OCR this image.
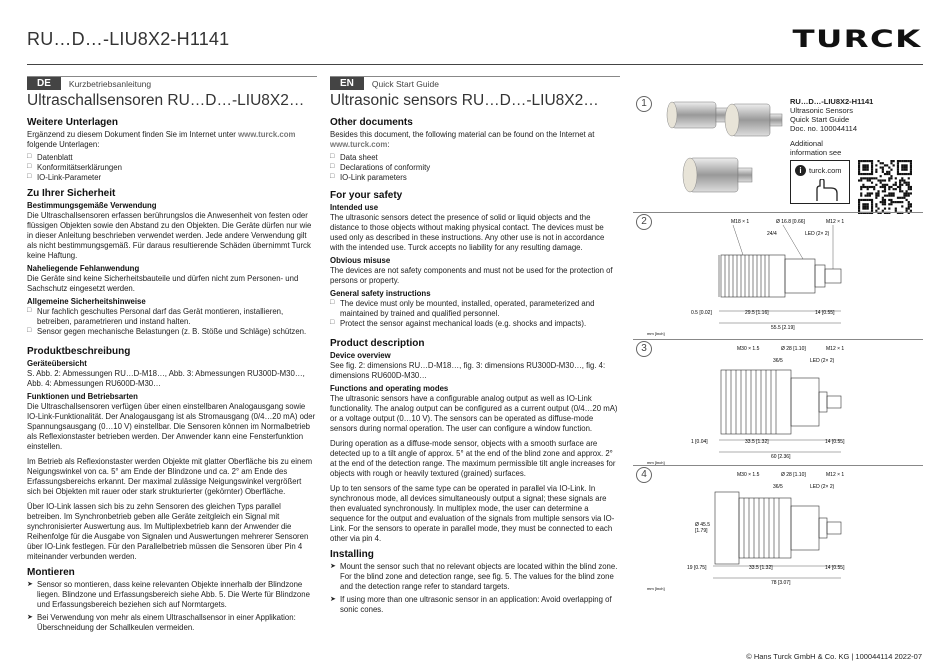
RU…D…-LIU8X2-H1141	TURCK
DE	Kurzbetriebsanleitung
Ultraschallsensoren RU…D…-LIU8X2…
Weitere Unterlagen

Ergänzend zu diesem Dokument finden Sie im Internet unter www.turck.com folgende Unterlagen:

□ Datenblatt
□ Konformitätserklärungen
□ IO-Link-Parameter
Zu Ihrer Sicherheit
Bestimmungsgemäße Verwendung

Die Ultraschallsensoren erfassen berührungslos die Anwesenheit von festen oder flüssigen Objekten sowie den Abstand zu den Objekten. Die Geräte dürfen nur wie in dieser Anleitung beschrieben verwendet werden. Jede andere Verwendung gilt als nicht bestimmungsgemäß. Für daraus resultierende Schäden übernimmt Turck keine Haftung.

Naheliegende Fehlanwendung

Die Geräte sind keine Sicherheitsbauteile und dürfen nicht zum Personen- und Sachschutz eingesetzt werden.

Allgemeine Sicherheitshinweise
□ Nur fachlich geschultes Personal darf das Gerät montieren, installieren, betreiben, parametrieren und instand halten.
□ Sensor gegen mechanische Belastungen (z. B. Stöße und Schläge) schützen.
Produktbeschreibung
Geräteübersicht

S. Abb. 2: Abmessungen RU…D-M18…, Abb. 3: Abmessungen RU300D-M30…, Abb. 4: Abmessungen RU600D-M30…

Funktionen und Betriebsarten

Die Ultraschallsensoren verfügen über einen einstellbaren Analogausgang sowie IO-Link-Funktionalität. Der Analogausgang ist als Stromausgang (0/4…20 mA) oder Spannungsausgang (0…10 V) einstellbar. Die Sensoren können im Normalbetrieb als Reflexionstaster betrieben werden. Der Anwender kann eine Fensterfunktion einstellen.

Im Betrieb als Reflexionstaster werden Objekte mit glatter Oberfläche bis zu einem Neigungswinkel von ca. 5° am Ende der Blindzone und ca. 2° am Ende des Erfassungsbereichs erkannt. Der maximal zulässige Neigungswinkel vergrößert sich bei Objekten mit rauer oder stark strukturierter (gekörnter) Oberfläche.

Über IO-Link lassen sich bis zu zehn Sensoren des gleichen Typs parallel betreiben. Im Synchronbetrieb geben alle Geräte zeitgleich ein Signal mit synchronisierter Auswertung aus. Im Multiplexbetrieb kann der Anwender die Reihenfolge für die Ausgabe von Signalen und Auswertungen mehrerer Sensoren über IO-Link festlegen. Für den Parallelbetrieb müssen die Sensoren über Pin 4 miteinander verbunden werden.

Montieren
➤ Sensor so montieren, dass keine relevanten Objekte innerhalb der Blindzone liegen. Blindzone und Erfassungsbereich siehe Abb. 5. Die Werte für Blindzone und Erfassungsbereich beziehen sich auf Normtargets.
➤ Bei Verwendung von mehr als einem Ultraschallsensor in einer Applikation: Überschneidung der Schallkeulen vermeiden.
EN	Quick Start Guide
Ultrasonic sensors RU…D…-LIU8X2…
Other documents

Besides this document, the following material can be found on the Internet at www.turck.com:

□ Data sheet
□ Declarations of conformity
□ IO-Link parameters
For your safety
Intended use

The ultrasonic sensors detect the presence of solid or liquid objects and the distance to those objects without making physical contact. The devices must be used only as described in these instructions. Any other use is not in accordance with the intended use. Turck accepts no liability for any resulting damage.

Obvious misuse

The devices are not safety components and must not be used for the protection of persons or property.

General safety instructions
□ The device must only be mounted, installed, operated, parameterized and maintained by trained and qualified personnel.
□ Protect the sensor against mechanical loads (e.g. shocks and impacts).
Product description
Device overview

See fig. 2: dimensions RU…D-M18…, fig. 3: dimensions RU300D-M30…, fig. 4: dimensions RU600D-M30…

Functions and operating modes

The ultrasonic sensors have a configurable analog output as well as IO-Link functionality. The analog output can be configured as a current output (0/4…20 mA) or a voltage output (0…10 V). The sensors can be operated as diffuse-mode sensors during normal operation. The user can configure a window function.

During operation as a diffuse-mode sensor, objects with a smooth surface are detected up to a tilt angle of approx. 5° at the end of the blind zone and approx. 2° at the end of the detection range. The maximum permissible tilt angle increases for objects with rough or heavily textured (grained) surfaces.

Up to ten sensors of the same type can be operated in parallel via IO-Link. In synchronous mode, all devices simultaneously output a signal; these signals are then evaluated synchronously. In multiplex mode, the user can determine a sequence for the output and evaluation of the signals from multiple sensors via IO-Link. For the sensors to operate in parallel mode, they must be connected to each other via pin 4.

Installing
➤ Mount the sensor such that no relevant objects are located within the blind zone. For the blind zone and detection range, see fig. 5. The values for the blind zone and the detection range refer to standard targets.
➤ If using more than one ultrasonic sensor in an application: Avoid overlapping of sonic cones.
1	RU…D…-LIU8X2-H1141
Ultrasonic Sensors
Quick Start Guide
Doc. no. 100044114
Additional
information see
i turck.com
2	M18 × 1	Ø 16.8 [0.66]	M12 × 1
24/4	LED (2× 2)
0.5 [0.02]	29.5 [1.16]	14 [0.55]
55.5 [2.19]
mm [Inch]
3	M30 × 1.5	Ø 28 [1.10]	M12 × 1
36/5	LED (2× 2)
1 [0.04]	33.5 [1.32]	14 [0.55]
60 [2.36]
mm [Inch]
4	M30 × 1.5	Ø 28 [1.10]	M12 × 1
36/5	LED (2× 2)
Ø 45.5
[1.79]
19 [0.75]	33.5 [1.32]	14 [0.55]
78 [3.07]
mm [Inch]
© Hans Turck GmbH & Co. KG | 100044114 2022-07
